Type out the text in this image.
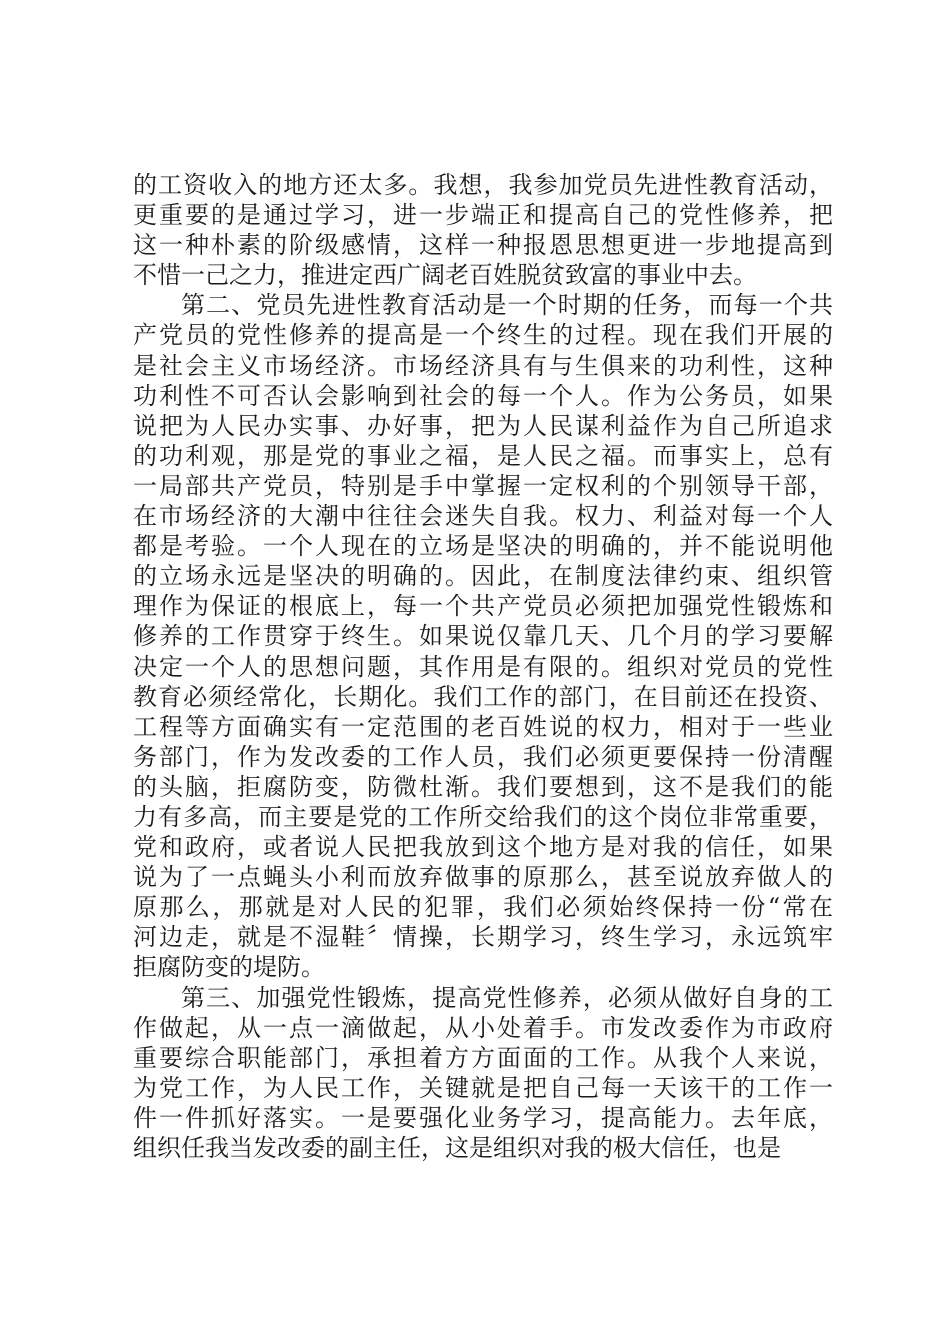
的工资收入的地方还太多。我想，我参加党员先进性教育活动，
更重要的是通过学习，进一步端正和提高自己的党性修养，把
这一种朴素的阶级感情，这样一种报恩思想更进一步地提高到
不惜一己之力，推进定西广阔老百姓脱贫致富的事业中去。
第二、党员先进性教育活动是一个时期的任务，而每一个共
产党员的党性修养的提高是一个终生的过程。现在我们开展的
是社会主义市场经济。市场经济具有与生俱来的功利性，这种
功利性不可否认会影响到社会的每一个人。作为公务员，如果
说把为人民办实事、办好事，把为人民谋利益作为自己所追求
的功利观，那是党的事业之福，是人民之福。而事实上，总有
一局部共产党员，特别是手中掌握一定权利的个别领导干部，
在市场经济的大潮中往往会迷失自我。权力、利益对每一个人
都是考验。一个人现在的立场是坚决的明确的，并不能说明他
的立场永远是坚决的明确的。因此，在制度法律约束、组织管
理作为保证的根底上，每一个共产党员必须把加强党性锻炼和
修养的工作贯穿于终生。如果说仅靠几天、几个月的学习要解
决定一个人的思想问题，其作用是有限的。组织对党员的党性
教育必须经常化，长期化。我们工作的部门，在目前还在投资、
工程等方面确实有一定范围的老百姓说的权力，相对于一些业
务部门，作为发改委的工作人员，我们必须更要保持一份清醒
的头脑，拒腐防变，防微杜渐。我们要想到，这不是我们的能
力有多高，而主要是党的工作所交给我们的这个岗位非常重要，
党和政府，或者说人民把我放到这个地方是对我的信任，如果
说为了一点蝇头小利而放弃做事的原那么，甚至说放弃做人的
原那么，那就是对人民的犯罪，我们必须始终保持一份“常在
河边走，就是不湿鞋〞情操，长期学习，终生学习，永远筑牢
拒腐防变的堤防。
第三、加强党性锻炼，提高党性修养，必须从做好自身的工
作做起，从一点一滴做起，从小处着手。市发改委作为市政府
重要综合职能部门，承担着方方面面的工作。从我个人来说，
为党工作，为人民工作，关键就是把自己每一天该干的工作一
件一件抓好落实。一是要强化业务学习，提高能力。去年底，
组织任我当发改委的副主任，这是组织对我的极大信任，也是
